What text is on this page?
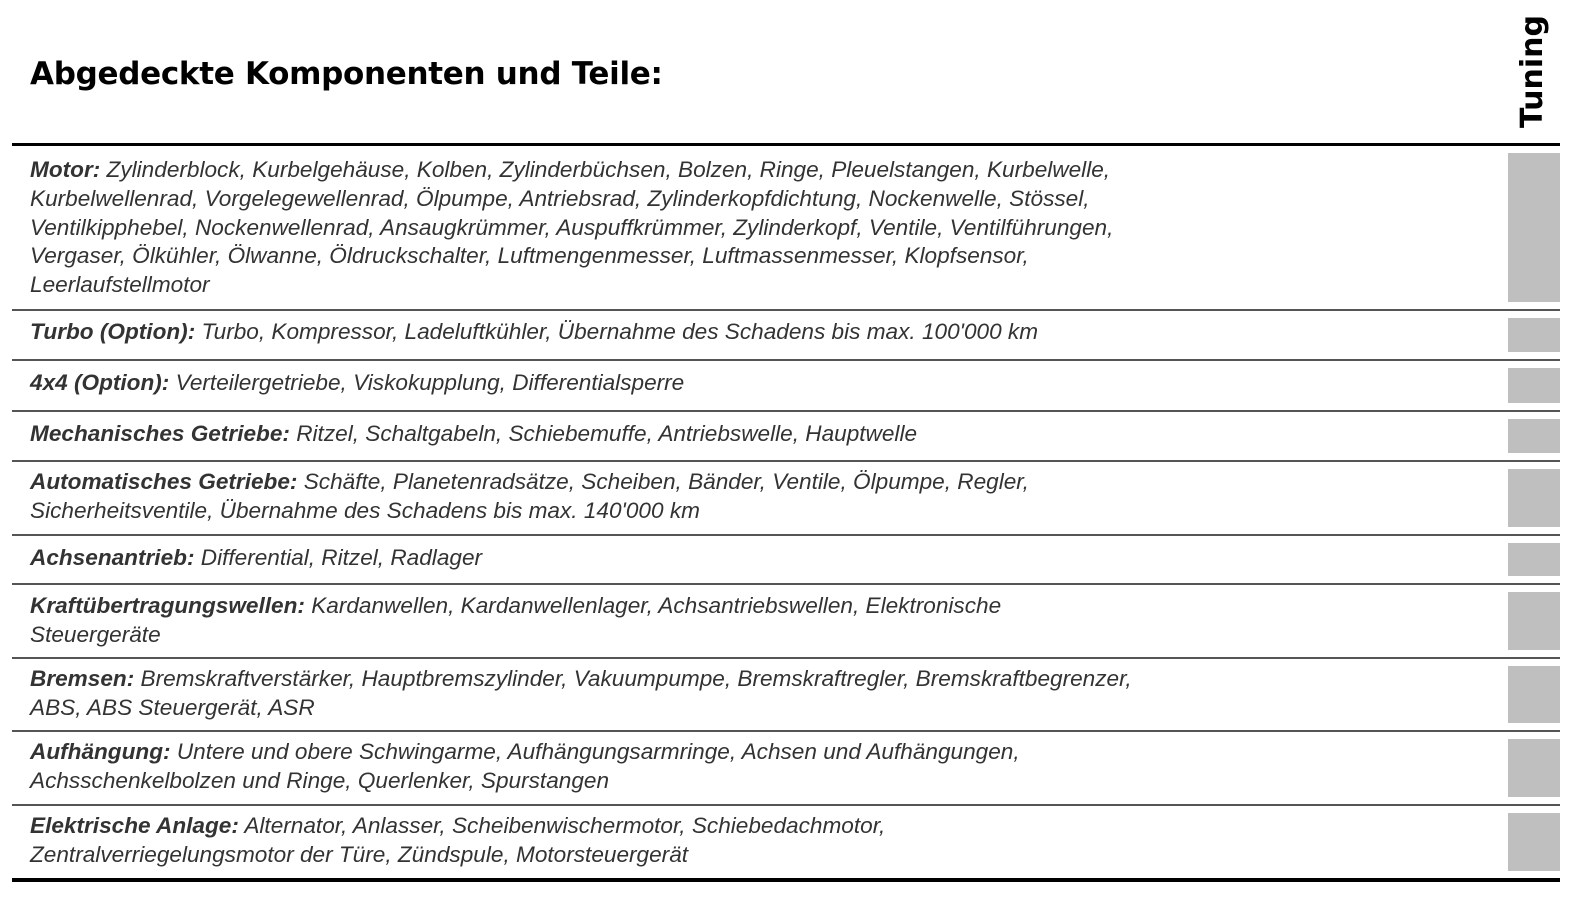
Abgedeckte Komponenten und Teile:	Tuning
Motor: Zylinderblock, Kurbelgehäuse, Kolben, Zylinderbüchsen, Bolzen, Ringe, Pleuelstangen, Kurbelwelle,
Kurbelwellenrad, Vorgelegewellenrad, Ölpumpe, Antriebsrad, Zylinderkopfdichtung, Nockenwelle, Stössel,
Ventilkipphebel, Nockenwellenrad, Ansaugkrümmer, Auspuffkrümmer, Zylinderkopf, Ventile, Ventilführungen,
Vergaser, Ölkühler, Ölwanne, Öldruckschalter, Luftmengenmesser, Luftmassenmesser, Klopfsensor,
Leerlaufstellmotor
Turbo (Option): Turbo, Kompressor, Ladeluftkühler, Übernahme des Schadens bis max. 100'000 km
4x4 (Option): Verteilergetriebe, Viskokupplung, Differentialsperre
Mechanisches Getriebe: Ritzel, Schaltgabeln, Schiebemuffe, Antriebswelle, Hauptwelle
Automatisches Getriebe: Schäfte, Planetenradsätze, Scheiben, Bänder, Ventile, Ölpumpe, Regler,
Sicherheitsventile, Übernahme des Schadens bis max. 140'000 km
Achsenantrieb: Differential, Ritzel, Radlager
Kraftübertragungswellen: Kardanwellen, Kardanwellenlager, Achsantriebswellen, Elektronische
Steuergeräte
Bremsen: Bremskraftverstärker, Hauptbremszylinder, Vakuumpumpe, Bremskraftregler, Bremskraftbegrenzer,
ABS, ABS Steuergerät, ASR
Aufhängung: Untere und obere Schwingarme, Aufhängungsarmringe, Achsen und Aufhängungen,
Achsschenkelbolzen und Ringe, Querlenker, Spurstangen
Elektrische Anlage: Alternator, Anlasser, Scheibenwischermotor, Schiebedachmotor,
Zentralverriegelungsmotor der Türe, Zündspule, Motorsteuergerät
